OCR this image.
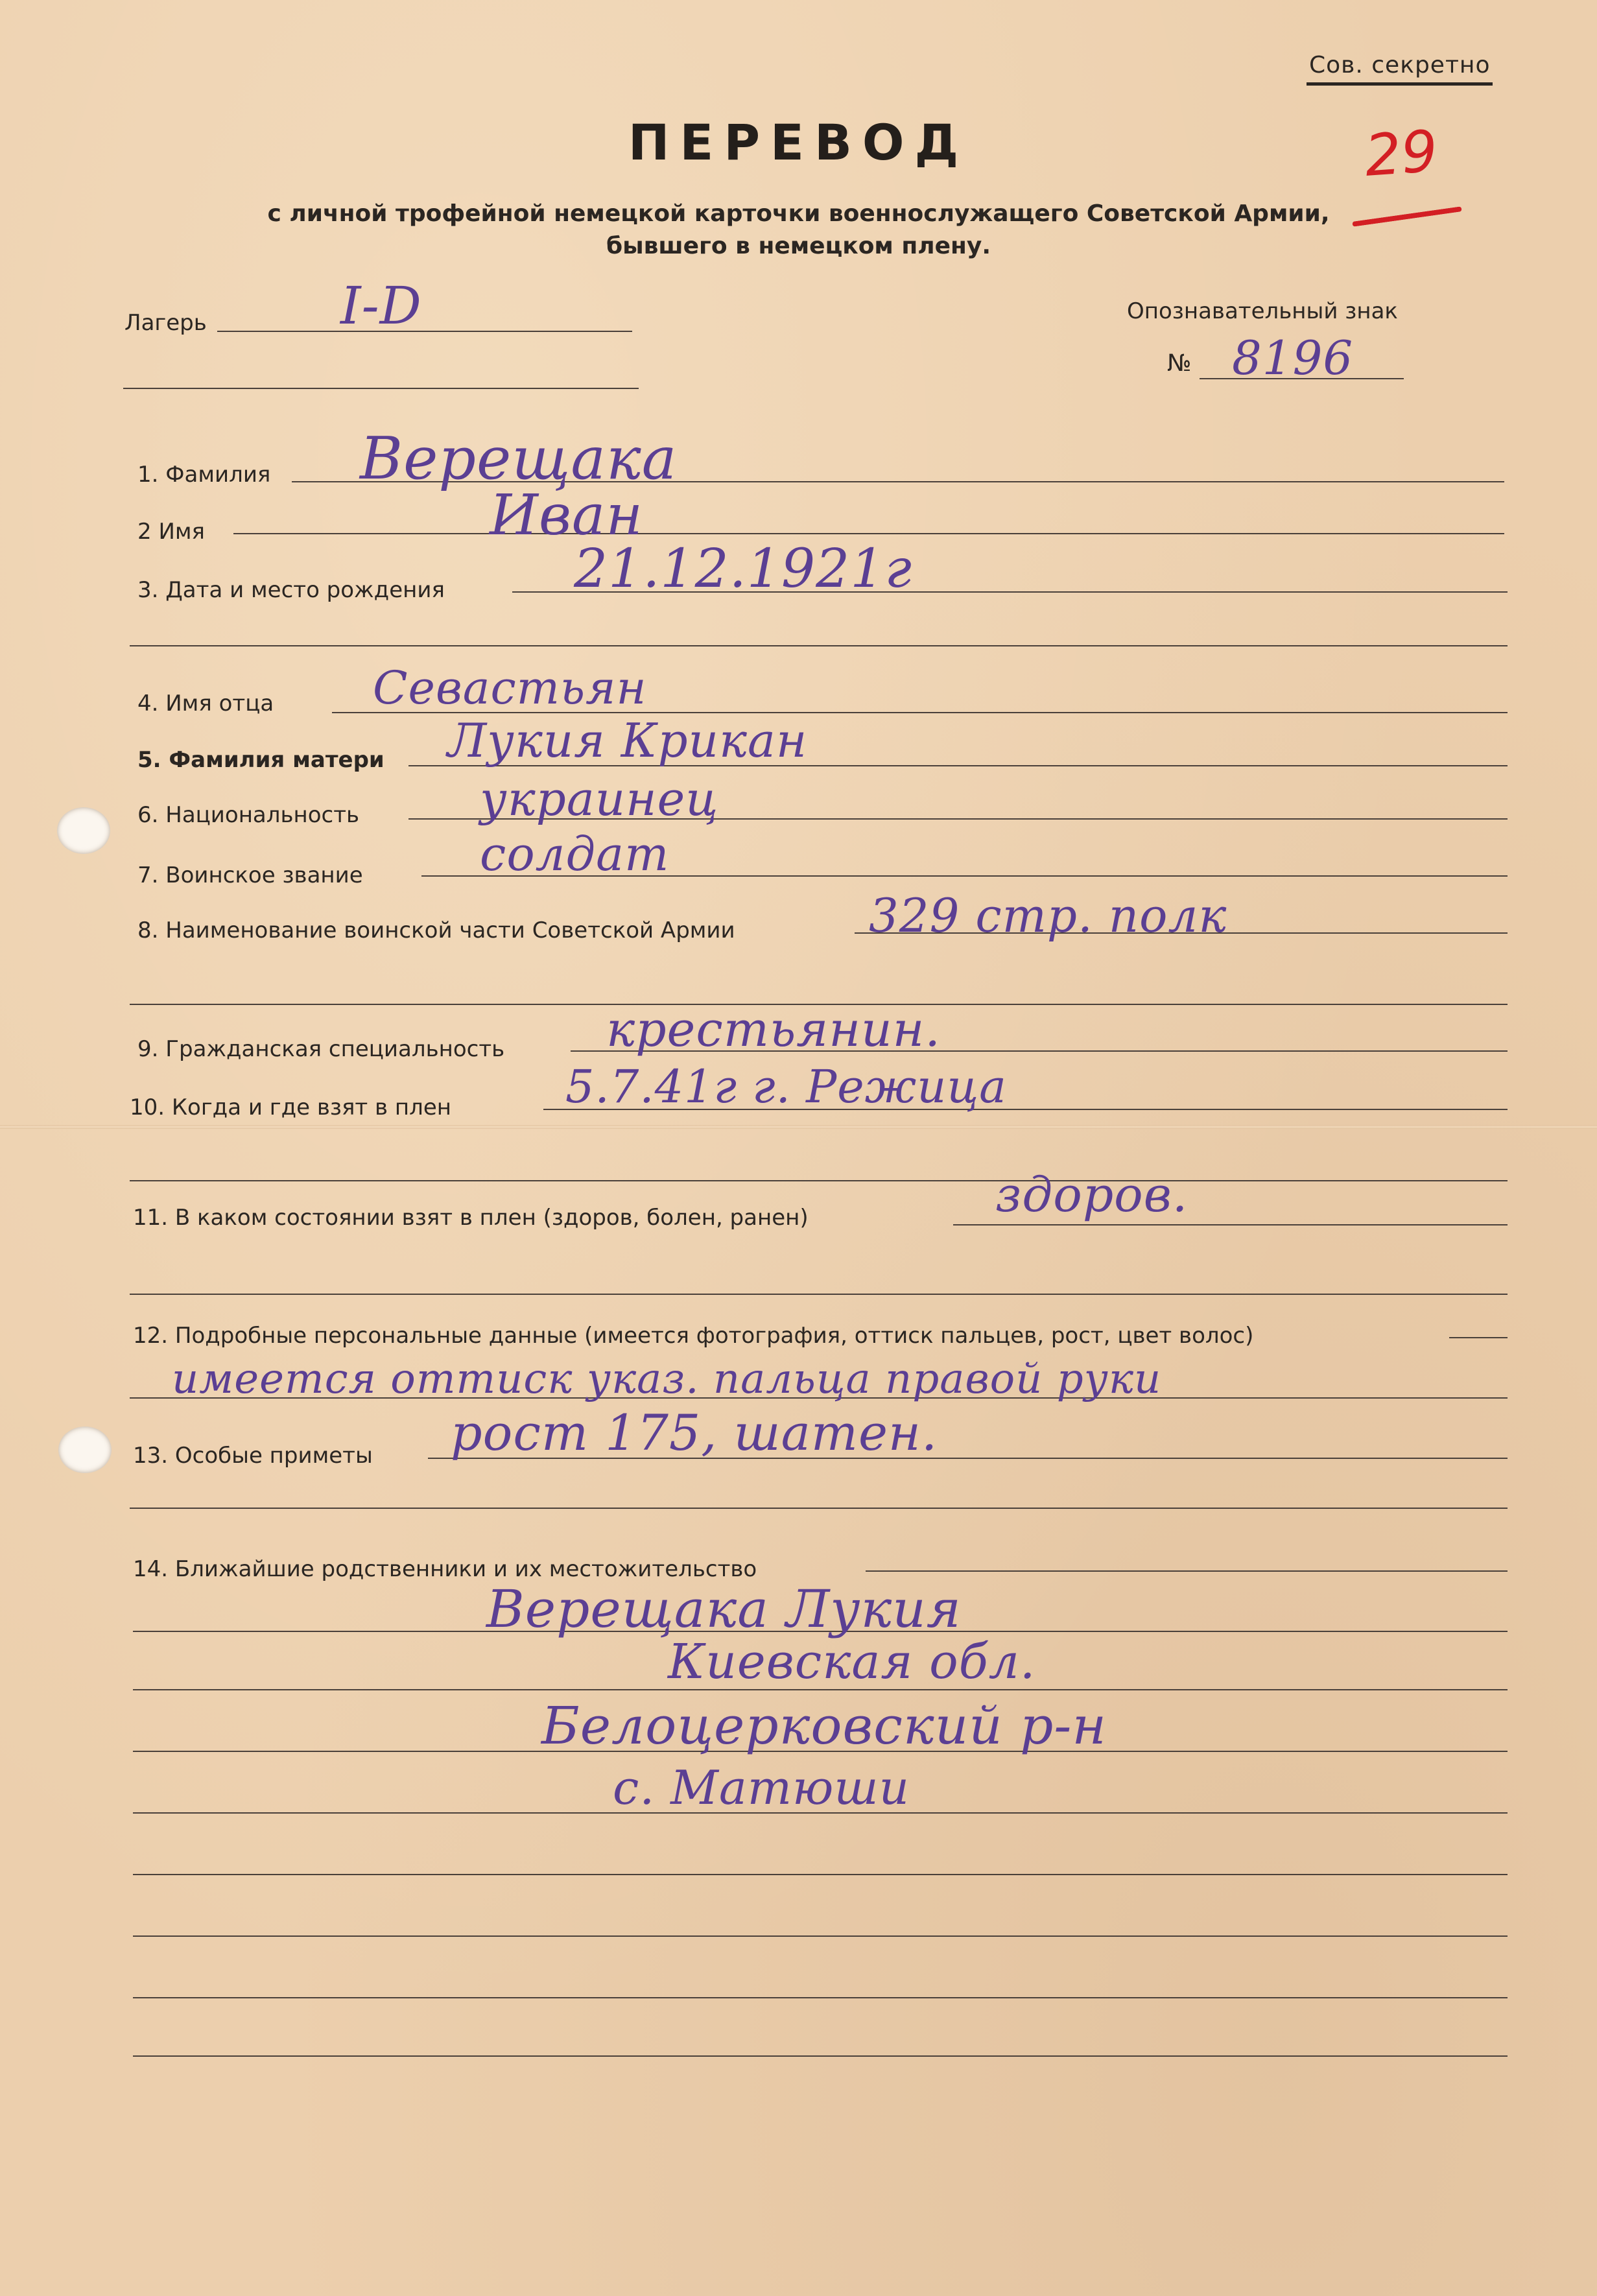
Сов. секретно
ПЕРЕВОД
с личной трофейной немецкой карточки военнослужащего Советской Армии,
бывшего в немецком плену.
29
Лагерь	I-D	Опознавательный знак
№ 8196
1. Фамилия Верещака
2 Имя	Иван
3. Дата и место рождения 21.12.1921г
4. Имя отца Севастьян
5. Фамилия матери Лукия Крикан
6. Национальность	украинец
7. Воинское звание	солдат
8. Наименование воинской части Советской Армии	329 стр. полк
9. Гражданская специальность крестьянин.
10. Когда и где взят в плен	5.7.41г г. Режица
11. В каком состоянии взят в плен (здоров, болен, ранен)	здоров.
12. Подробные персональные данные (имеется фотография, оттиск пальцев, рост, цвет волос)
имеется оттиск указ. пальца правой руки
13. Особые приметы рост 175, шатен.
14. Ближайшие родственники и их местожительство
Верещака Лукия
Киевская обл.
Белоцерковский р-н
с. Матюши
